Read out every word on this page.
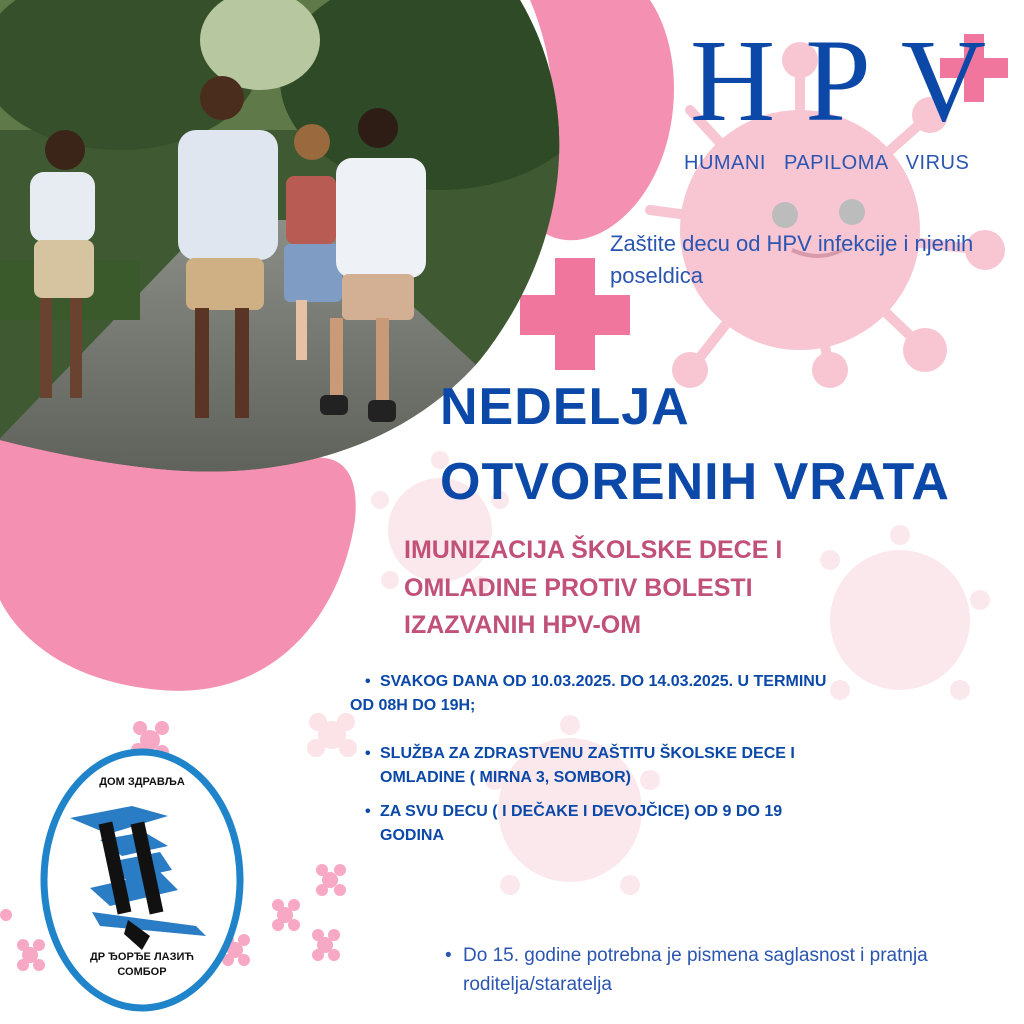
HPV
HUMANI PAPILOMA VIRUS
Zaštite decu od HPV infekcije i njenih poseldica
NEDELJA
OTVORENIH VRATA
IMUNIZACIJA ŠKOLSKE DECE I
OMLADINE PROTIV BOLESTI
IZAZVANIH HPV-OM
• SVAKOG DANA OD 10.03.2025. DO 14.03.2025. U TERMINU
OD 08H DO 19H;
• SLUŽBA ZA ZDRASTVENU ZAŠTITU ŠKOLSKE DECE I
OMLADINE ( MIRNA 3, SOMBOR)
• ZA SVU DECU ( I DEČAKE I DEVOJČICE) OD 9 DO 19
GODINA
• Do 15. godine potrebna je pismena saglasnost i pratnja roditelja/staratelja
ДОМ ЗДРАВЉА
ДР ЂОРЂЕ ЛАЗИЋ
СОМБОР
